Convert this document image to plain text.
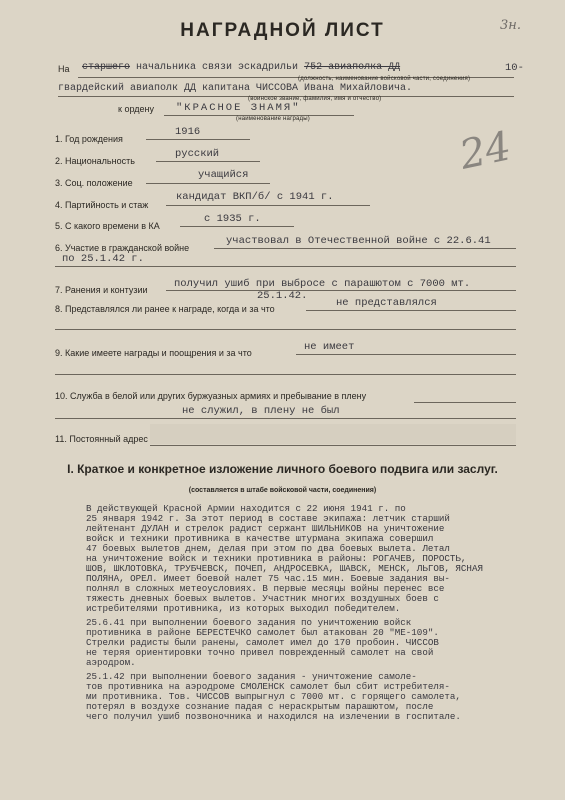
3н.
24
НАГРАДНОЙ ЛИСТ
На старшего начальника связи эскадрильи 752 авиаполка ДД	10-
(должность, наименование войсковой части, соединения)
гвардейский авиаполк ДД капитана ЧИССОВА Ивана Михайловича.
(воинское звание, фамилия, имя и отчество)
к ордену "КРАСНОЕ ЗНАМЯ"
(наименование награды)
1. Год рождения
1916
2. Национальность
русский
3. Соц. положение
учащийся
4. Партийность и стаж
кандидат ВКП/б/ с 1941 г.
5. С какого времени в КА
с 1935 г.
6. Участие в гражданской войне
участвовал в Отечественной войне с 22.6.41
по 25.1.42 г.
7. Ранения и контузии	получил ушиб при выбросе с парашютом с 7000 мт.
25.1.42.
8. Представлялся ли ранее к награде, когда и за что	не представлялся
9. Какие имеете награды и поощрения и за что	не имеет
10. Служба в белой или других буржуазных армиях и пребывание в плену
не служил, в плену не был
11. Постоянный адрес
I. Краткое и конкретное изложение личного боевого подвига или заслуг.
(составляется в штабе войсковой части, соединения)
В действующей Красной Армии находится с 22 июня 1941 г. по
25 января 1942 г. За этот период в составе экипажа: летчик старший
лейтенант ДУЛАН и стрелок радист сержант ШИЛЬНИКОВ на уничтожение
войск и техники противника в качестве штурмана экипажа совершил
47 боевых вылетов днем, делая при этом по два боевых вылета. Летал
на уничтожение войск и техники противника в районы: РОГАЧЕВ, ПОРОСТЬ,
ШОВ, ШКЛОТОВКА, ТРУБЧЕВСК, ПОЧЕП, АНДРОСЕВКА, ШАВСК, МЕНСК, ЛЬГОВ, ЯСНАЯ
ПОЛЯНА, ОРЕЛ. Имеет боевой налет 75 час.15 мин. Боевые задания вы-
полнял в сложных метеоусловиях. В первые месяцы войны перенес все
тяжесть дневных боевых вылетов. Участник многих воздушных боев с
истребителями противника, из которых выходил победителем.
25.6.41 при выполнении боевого задания по уничтожению войск
противника в районе БЕРЕСТЕЧКО самолет был атакован 20 "МЕ-109".
Стрелки радисты были ранены, самолет имел до 170 пробоин. ЧИССОВ
не теряя ориентировки точно привел поврежденный самолет на свой
аэродром.
25.1.42 при выполнении боевого задания - уничтожение самоле-
тов противника на аэродроме СМОЛЕНСК самолет был сбит истребителя-
ми противника. Тов. ЧИССОВ выпрыгнул с 7000 мт. с горящего самолета,
потерял в воздухе сознание падая с нераскрытым парашютом, после
чего получил ушиб позвоночника и находился на излечении в госпитале.
